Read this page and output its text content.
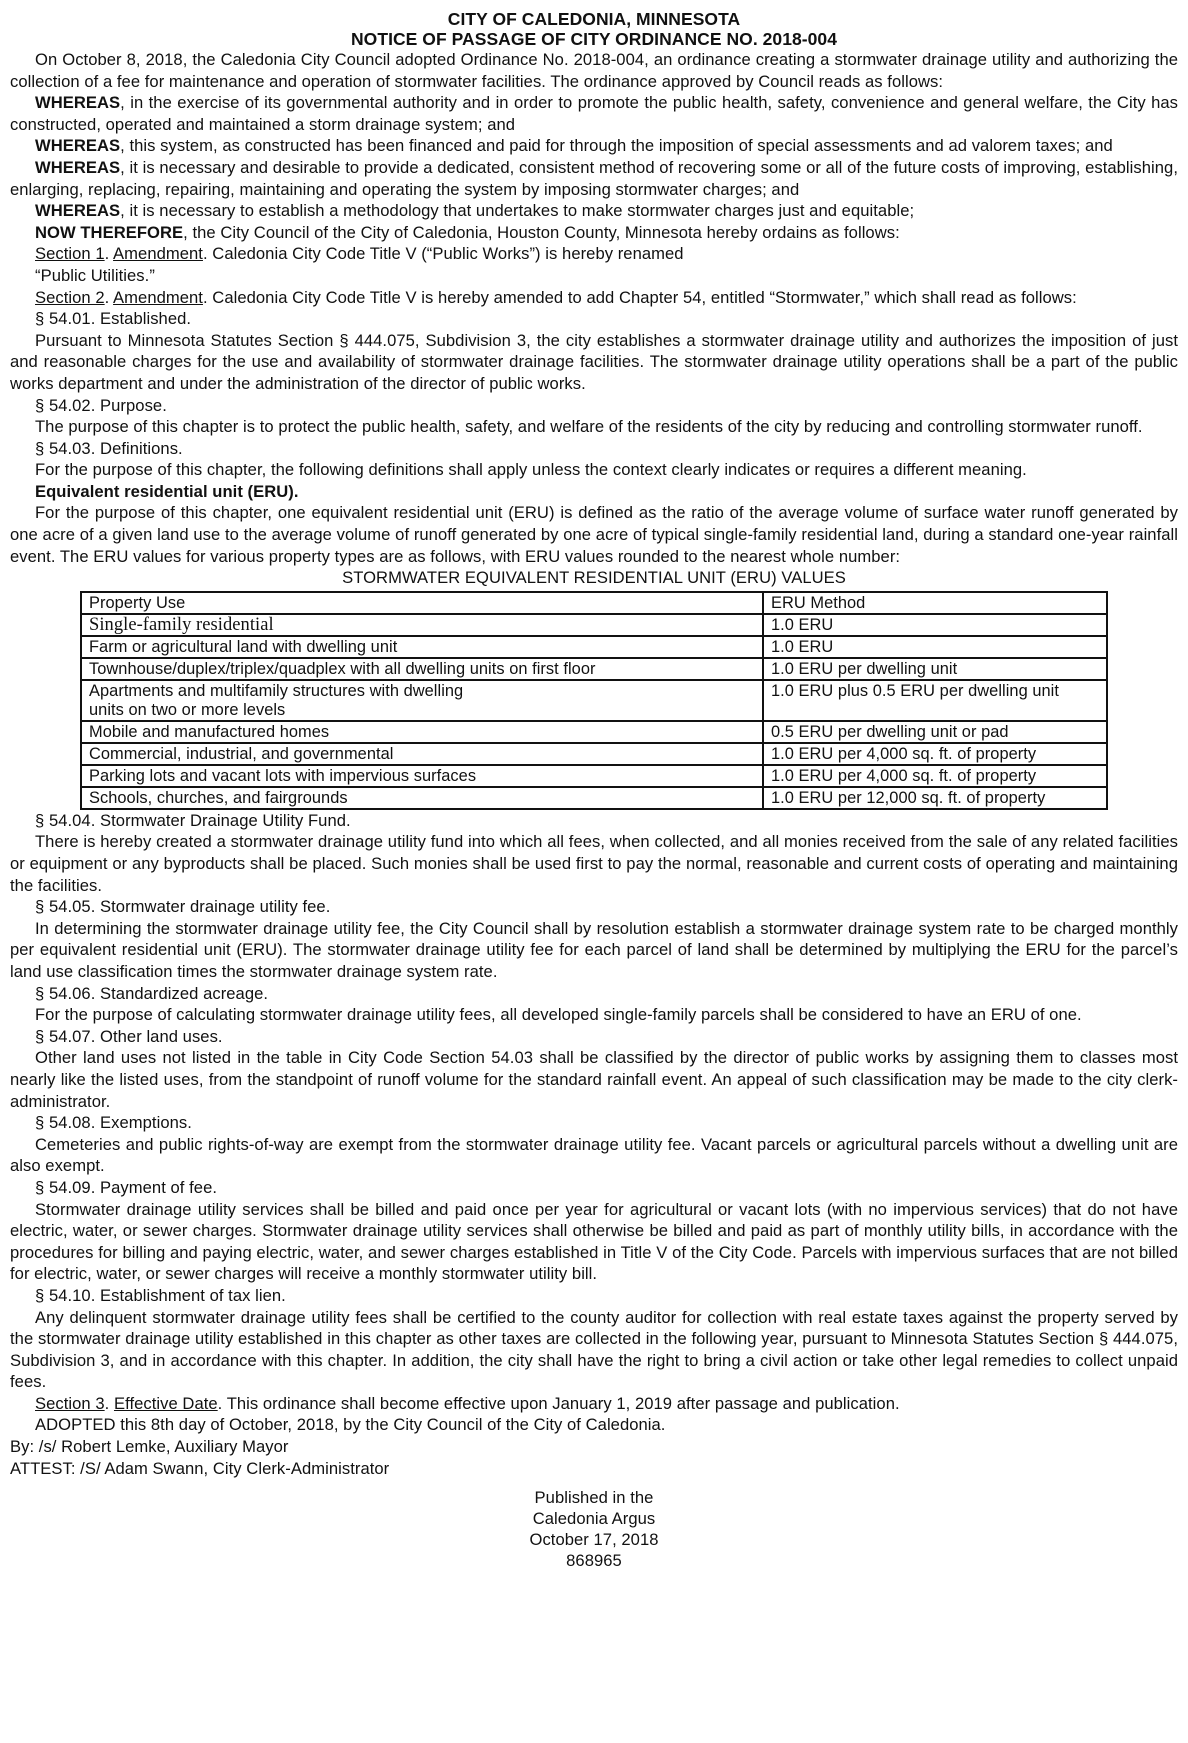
CITY OF CALEDONIA, MINNESOTA
NOTICE OF PASSAGE OF CITY ORDINANCE NO. 2018-004

On October 8, 2018, the Caledonia City Council adopted Ordinance No. 2018-004, an ordinance creating a stormwater drainage utility and authorizing the collection of a fee for maintenance and operation of stormwater facilities. The ordinance approved by Council reads as follows:

WHEREAS, in the exercise of its governmental authority and in order to promote the public health, safety, convenience and general welfare, the City has constructed, operated and maintained a storm drainage system; and

WHEREAS, this system, as constructed has been financed and paid for through the imposition of special assessments and ad valorem taxes; and

WHEREAS, it is necessary and desirable to provide a dedicated, consistent method of recovering some or all of the future costs of improving, establishing, enlarging, replacing, repairing, maintaining and operating the system by imposing stormwater charges; and

WHEREAS, it is necessary to establish a methodology that undertakes to make stormwater charges just and equitable;

NOW THEREFORE, the City Council of the City of Caledonia, Houston County, Minnesota hereby ordains as follows:

Section 1. Amendment. Caledonia City Code Title V (“Public Works”) is hereby renamed

“Public Utilities.”

Section 2. Amendment. Caledonia City Code Title V is hereby amended to add Chapter 54, entitled “Stormwater,” which shall read as follows:

§ 54.01. Established.

Pursuant to Minnesota Statutes Section § 444.075, Subdivision 3, the city establishes a stormwater drainage utility and authorizes the imposition of just and reasonable charges for the use and availability of stormwater drainage facilities. The stormwater drainage utility operations shall be a part of the public works department and under the administration of the director of public works.

§ 54.02. Purpose.

The purpose of this chapter is to protect the public health, safety, and welfare of the residents of the city by reducing and controlling stormwater runoff.

§ 54.03. Definitions.

For the purpose of this chapter, the following definitions shall apply unless the context clearly indicates or requires a different meaning.

Equivalent residential unit (ERU).

For the purpose of this chapter, one equivalent residential unit (ERU) is defined as the ratio of the average volume of surface water runoff generated by one acre of a given land use to the average volume of runoff generated by one acre of typical single-family residential land, during a standard one-year rainfall event. The ERU values for various property types are as follows, with ERU values rounded to the nearest whole number:

STORMWATER EQUIVALENT RESIDENTIAL UNIT (ERU) VALUES

Property Use	ERU Method
Single-family residential	1.0 ERU
Farm or agricultural land with dwelling unit	1.0 ERU
Townhouse/duplex/triplex/quadplex with all dwelling units on first floor	1.0 ERU per dwelling unit

Apartments and multifamily structures with dwelling units on two or more levels	1.0 ERU plus 0.5 ERU per dwelling unit
Mobile and manufactured homes	0.5 ERU per dwelling unit or pad
Commercial, industrial, and governmental	1.0 ERU per 4,000 sq. ft. of property
Parking lots and vacant lots with impervious surfaces	1.0 ERU per 4,000 sq. ft. of property
Schools, churches, and fairgrounds	1.0 ERU per 12,000 sq. ft. of property

§ 54.04. Stormwater Drainage Utility Fund.

There is hereby created a stormwater drainage utility fund into which all fees, when collected, and all monies received from the sale of any related facilities or equipment or any byproducts shall be placed. Such monies shall be used first to pay the normal, reasonable and current costs of operating and maintaining the facilities.

§ 54.05. Stormwater drainage utility fee.

In determining the stormwater drainage utility fee, the City Council shall by resolution establish a stormwater drainage system rate to be charged monthly per equivalent residential unit (ERU). The stormwater drainage utility fee for each parcel of land shall be determined by multiplying the ERU for the parcel’s land use classification times the stormwater drainage system rate.

§ 54.06. Standardized acreage.

For the purpose of calculating stormwater drainage utility fees, all developed single-family parcels shall be considered to have an ERU of one.

§ 54.07. Other land uses.

Other land uses not listed in the table in City Code Section 54.03 shall be classified by the director of public works by assigning them to classes most nearly like the listed uses, from the standpoint of runoff volume for the standard rainfall event. An appeal of such classification may be made to the city clerk-administrator.

§ 54.08. Exemptions.

Cemeteries and public rights-of-way are exempt from the stormwater drainage utility fee. Vacant parcels or agricultural parcels without a dwelling unit are also exempt.

§ 54.09. Payment of fee.

Stormwater drainage utility services shall be billed and paid once per year for agricultural or vacant lots (with no impervious services) that do not have electric, water, or sewer charges. Stormwater drainage utility services shall otherwise be billed and paid as part of monthly utility bills, in accordance with the procedures for billing and paying electric, water, and sewer charges established in Title V of the City Code. Parcels with impervious surfaces that are not billed for electric, water, or sewer charges will receive a monthly stormwater utility bill.

§ 54.10. Establishment of tax lien.

Any delinquent stormwater drainage utility fees shall be certified to the county auditor for collection with real estate taxes against the property served by the stormwater drainage utility established in this chapter as other taxes are collected in the following year, pursuant to Minnesota Statutes Section § 444.075, Subdivision 3, and in accordance with this chapter. In addition, the city shall have the right to bring a civil action or take other legal remedies to collect unpaid fees.

Section 3. Effective Date. This ordinance shall become effective upon January 1, 2019 after passage and publication.

ADOPTED this 8th day of October, 2018, by the City Council of the City of Caledonia.

By: /s/ Robert Lemke, Auxiliary Mayor

ATTEST: /S/ Adam Swann, City Clerk-Administrator

Published in the
Caledonia Argus
October 17, 2018
868965
